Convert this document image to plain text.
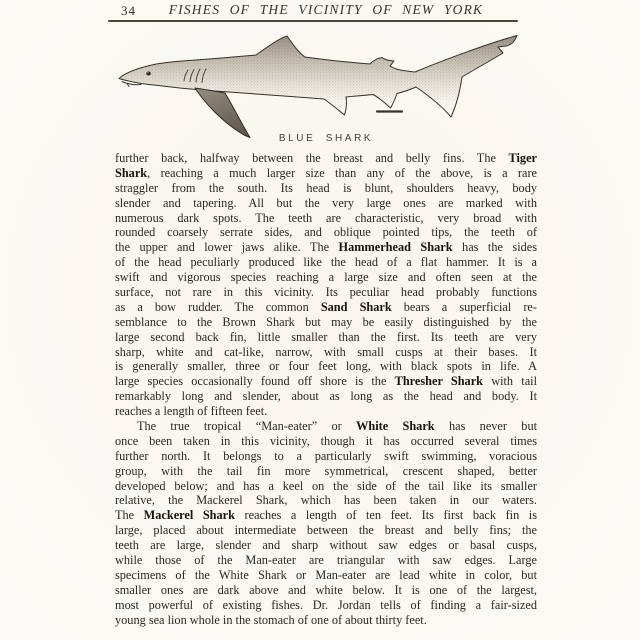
34	FISHES OF THE VICINITY OF NEW YORK
BLUE SHARK
further back, halfway between the breast and belly fins. The Tiger
Shark, reaching a much larger size than any of the above, is a rare
straggler from the south. Its head is blunt, shoulders heavy, body
slender and tapering. All but the very large ones are marked with
numerous dark spots. The teeth are characteristic, very broad with
rounded coarsely serrate sides, and oblique pointed tips, the teeth of
the upper and lower jaws alike. The Hammerhead Shark has the sides
of the head peculiarly produced like the head of a flat hammer. It is a
swift and vigorous species reaching a large size and often seen at the
surface, not rare in this vicinity. Its peculiar head probably functions
as a bow rudder. The common Sand Shark bears a superficial re-
semblance to the Brown Shark but may be easily distinguished by the
large second back fin, little smaller than the first. Its teeth are very
sharp, white and cat-like, narrow, with small cusps at their bases. It
is generally smaller, three or four feet long, with black spots in life. A
large species occasionally found off shore is the Thresher Shark with tail
remarkably long and slender, about as long as the head and body. It
reaches a length of fifteen feet.
The true tropical “Man-eater” or White Shark has never but
once been taken in this vicinity, though it has occurred several times
further north. It belongs to a particularly swift swimming, voracious
group, with the tail fin more symmetrical, crescent shaped, better
developed below; and has a keel on the side of the tail like its smaller
relative, the Mackerel Shark, which has been taken in our waters.
The Mackerel Shark reaches a length of ten feet. Its first back fin is
large, placed about intermediate between the breast and belly fins; the
teeth are large, slender and sharp without saw edges or basal cusps,
while those of the Man-eater are triangular with saw edges. Large
specimens of the White Shark or Man-eater are lead white in color, but
smaller ones are dark above and white below. It is one of the largest,
most powerful of existing fishes. Dr. Jordan tells of finding a fair-sized
young sea lion whole in the stomach of one of about thirty feet.
